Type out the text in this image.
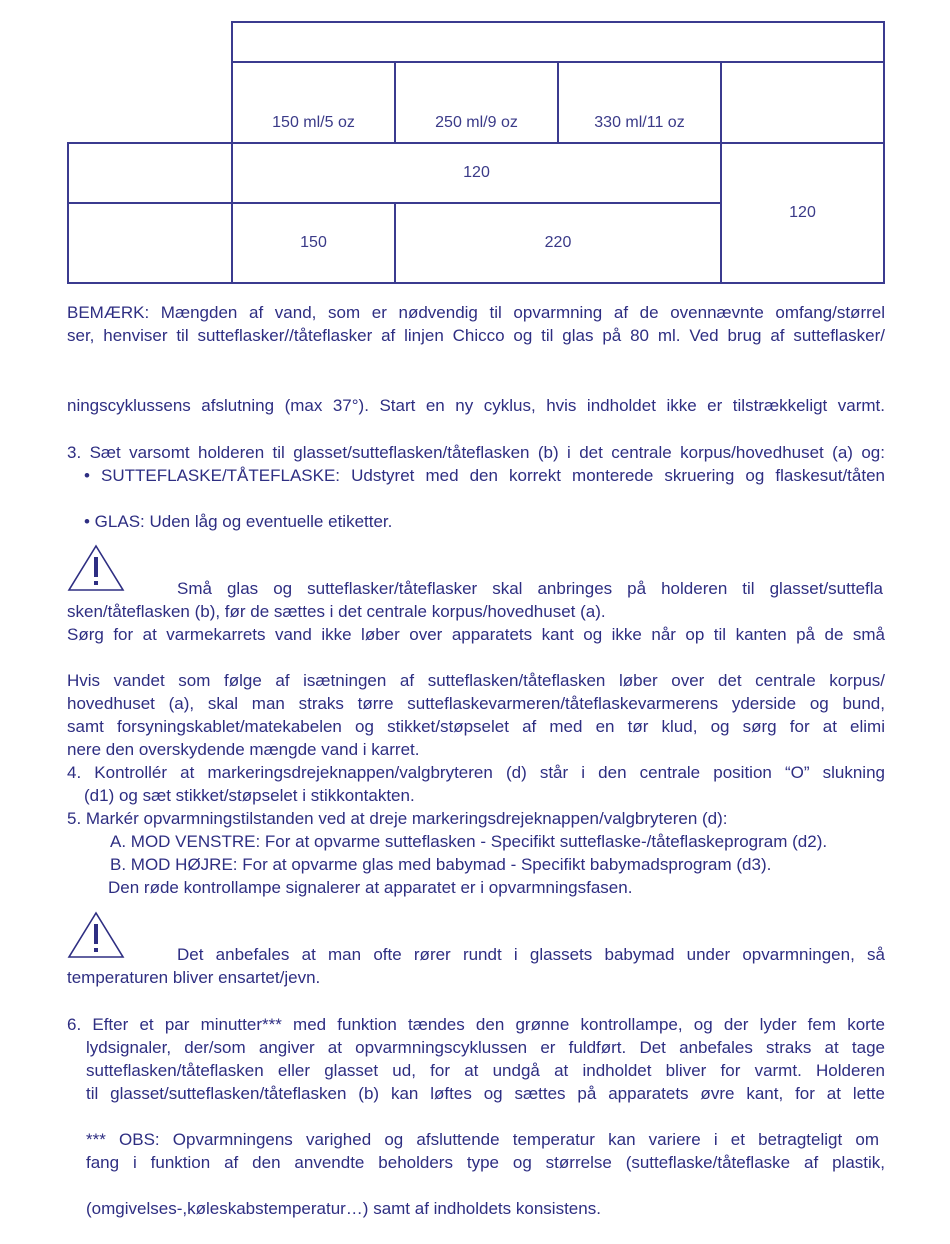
150 ml/5 oz	250 ml/9 oz	330 ml/11 oz
120
150	220
120

BEMÆRK: Mængden af vand, som er nødvendig til opvarmning af de ovennævnte omfang/størrel

ser, henviser til sutteflasker//tåteflasker af linjen Chicco og til glas på 80 ml. Ved brug af sutteflasker/

ningscyklussens afslutning (max 37°). Start en ny cyklus, hvis indholdet ikke er tilstrækkeligt varmt.

3. Sæt varsomt holderen til glasset/sutteflasken/tåteflasken (b) i det centrale korpus/hovedhuset (a) og:

• SUTTEFLASKE/TÅTEFLASKE: Udstyret med den korrekt monterede skruering og flaskesut/tåten

• GLAS: Uden låg og eventuelle etiketter.

Små glas og sutteflasker/tåteflasker skal anbringes på holderen til glasset/suttefla

sken/tåteflasken (b), før de sættes i det centrale korpus/hovedhuset (a).

Sørg for at varmekarrets vand ikke løber over apparatets kant og ikke når op til kanten på de små

Hvis vandet som følge af isætningen af sutteflasken/tåteflasken løber over det centrale korpus/

hovedhuset (a), skal man straks tørre sutteflaskevarmeren/tåteflaskevarmerens yderside og bund,

samt forsyningskablet/matekabelen og stikket/støpselet af med en tør klud, og sørg for at elimi

nere den overskydende mængde vand i karret.

4. Kontrollér at markeringsdrejeknappen/valgbryteren (d) står i den centrale position “O” slukning

(d1) og sæt stikket/støpselet i stikkontakten.
5. Markér opvarmningstilstanden ved at dreje markeringsdrejeknappen/valgbryteren (d):
A. MOD VENSTRE: For at opvarme sutteflasken - Specifikt sutteflaske-/tåteflaskeprogram (d2).
B. MOD HØJRE: For at opvarme glas med babymad - Specifikt babymadsprogram (d3).
Den røde kontrollampe signalerer at apparatet er i opvarmningsfasen.

Det anbefales at man ofte rører rundt i glassets babymad under opvarmningen, så

temperaturen bliver ensartet/jevn.

6. Efter et par minutter*** med funktion tændes den grønne kontrollampe, og der lyder fem korte

lydsignaler, der/som angiver at opvarmningscyklussen er fuldført. Det anbefales straks at tage

sutteflasken/tåteflasken eller glasset ud, for at undgå at indholdet bliver for varmt. Holderen

til glasset/sutteflasken/tåteflasken (b) kan løftes og sættes på apparatets øvre kant, for at lette

*** OBS: Opvarmningens varighed og afsluttende temperatur kan variere i et betragteligt om

fang i funktion af den anvendte beholders type og størrelse (sutteflaske/tåteflaske af plastik,

(omgivelses-,køleskabstemperatur…) samt af indholdets konsistens.
